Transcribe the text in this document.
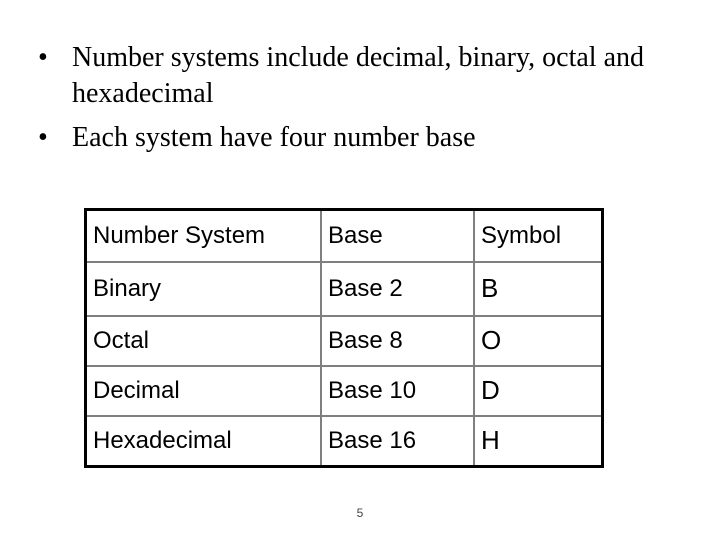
• Number systems include decimal, binary, octal and hexadecimal
• Each system have four number base
Number System	Base	Symbol
Binary	Base 2	B
Octal	Base 8	O
Decimal	Base 10	D
Hexadecimal	Base 16	H
5
